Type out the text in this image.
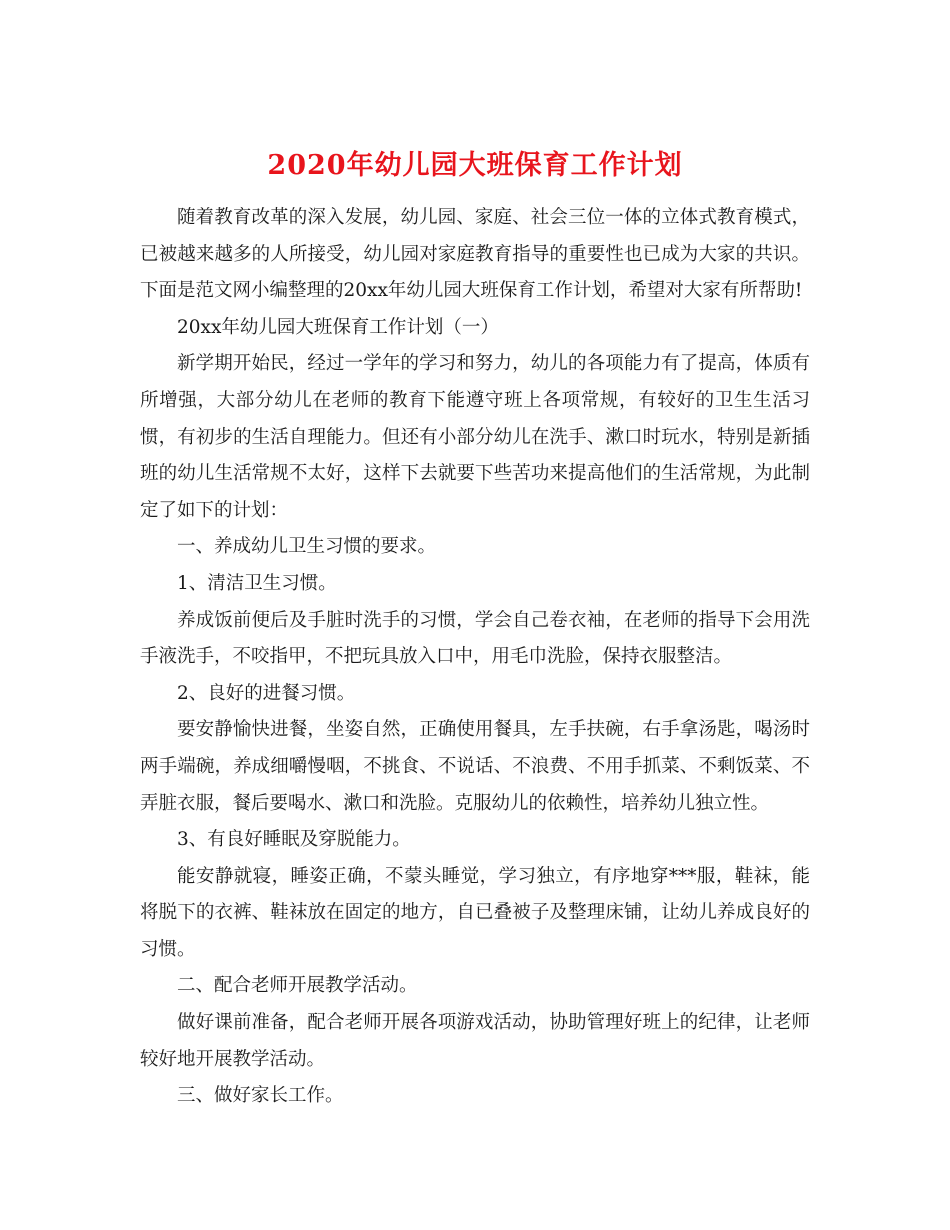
2020年幼儿园大班保育工作计划

随着教育改革的深入发展，幼儿园、家庭、社会三位一体的立体式教育模式，已被越来越多的人所接受，幼儿园对家庭教育指导的重要性也已成为大家的共识。下面是范文网小编整理的20xx年幼儿园大班保育工作计划，希望对大家有所帮助!

20xx年幼儿园大班保育工作计划（一）

新学期开始民，经过一学年的学习和努力，幼儿的各项能力有了提高，体质有所增强，大部分幼儿在老师的教育下能遵守班上各项常规，有较好的卫生生活习惯，有初步的生活自理能力。但还有小部分幼儿在洗手、漱口时玩水，特别是新插班的幼儿生活常规不太好，这样下去就要下些苦功来提高他们的生活常规，为此制定了如下的计划：

一、养成幼儿卫生习惯的要求。

1、清洁卫生习惯。

养成饭前便后及手脏时洗手的习惯，学会自己卷衣袖，在老师的指导下会用洗手液洗手，不咬指甲，不把玩具放入口中，用毛巾洗脸，保持衣服整洁。

2、良好的进餐习惯。

要安静愉快进餐，坐姿自然，正确使用餐具，左手扶碗，右手拿汤匙，喝汤时两手端碗，养成细嚼慢咽，不挑食、不说话、不浪费、不用手抓菜、不剩饭菜、不弄脏衣服，餐后要喝水、漱口和洗脸。克服幼儿的依赖性，培养幼儿独立性。

3、有良好睡眠及穿脱能力。

能安静就寝，睡姿正确，不蒙头睡觉，学习独立，有序地穿***服，鞋袜，能将脱下的衣裤、鞋袜放在固定的地方，自已叠被子及整理床铺，让幼儿养成良好的习惯。

二、配合老师开展教学活动。

做好课前准备，配合老师开展各项游戏活动，协助管理好班上的纪律，让老师较好地开展教学活动。

三、做好家长工作。
